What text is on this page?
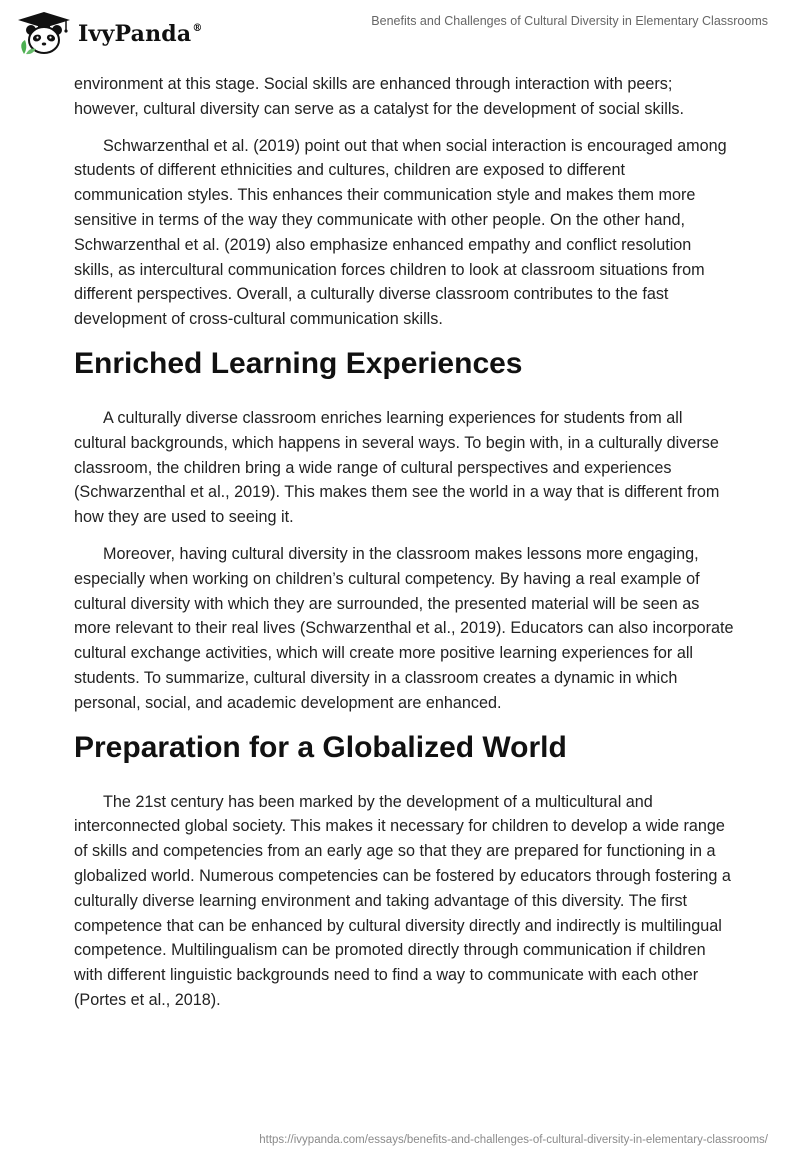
IvyPanda®
Benefits and Challenges of Cultural Diversity in Elementary Classrooms

environment at this stage. Social skills are enhanced through interaction with peers; however, cultural diversity can serve as a catalyst for the development of social skills.

Schwarzenthal et al. (2019) point out that when social interaction is encouraged among students of different ethnicities and cultures, children are exposed to different communication styles. This enhances their communication style and makes them more sensitive in terms of the way they communicate with other people. On the other hand, Schwarzenthal et al. (2019) also emphasize enhanced empathy and conflict resolution skills, as intercultural communication forces children to look at classroom situations from different perspectives. Overall, a culturally diverse classroom contributes to the fast development of cross-cultural communication skills.

Enriched Learning Experiences

A culturally diverse classroom enriches learning experiences for students from all cultural backgrounds, which happens in several ways. To begin with, in a culturally diverse classroom, the children bring a wide range of cultural perspectives and experiences (Schwarzenthal et al., 2019). This makes them see the world in a way that is different from how they are used to seeing it.

Moreover, having cultural diversity in the classroom makes lessons more engaging, especially when working on children’s cultural competency. By having a real example of cultural diversity with which they are surrounded, the presented material will be seen as more relevant to their real lives (Schwarzenthal et al., 2019). Educators can also incorporate cultural exchange activities, which will create more positive learning experiences for all students. To summarize, cultural diversity in a classroom creates a dynamic in which personal, social, and academic development are enhanced.

Preparation for a Globalized World

The 21st century has been marked by the development of a multicultural and interconnected global society. This makes it necessary for children to develop a wide range of skills and competencies from an early age so that they are prepared for functioning in a globalized world. Numerous competencies can be fostered by educators through fostering a culturally diverse learning environment and taking advantage of this diversity. The first competence that can be enhanced by cultural diversity directly and indirectly is multilingual competence. Multilingualism can be promoted directly through communication if children with different linguistic backgrounds need to find a way to communicate with each other (Portes et al., 2018).

https://ivypanda.com/essays/benefits-and-challenges-of-cultural-diversity-in-elementary-classrooms/
